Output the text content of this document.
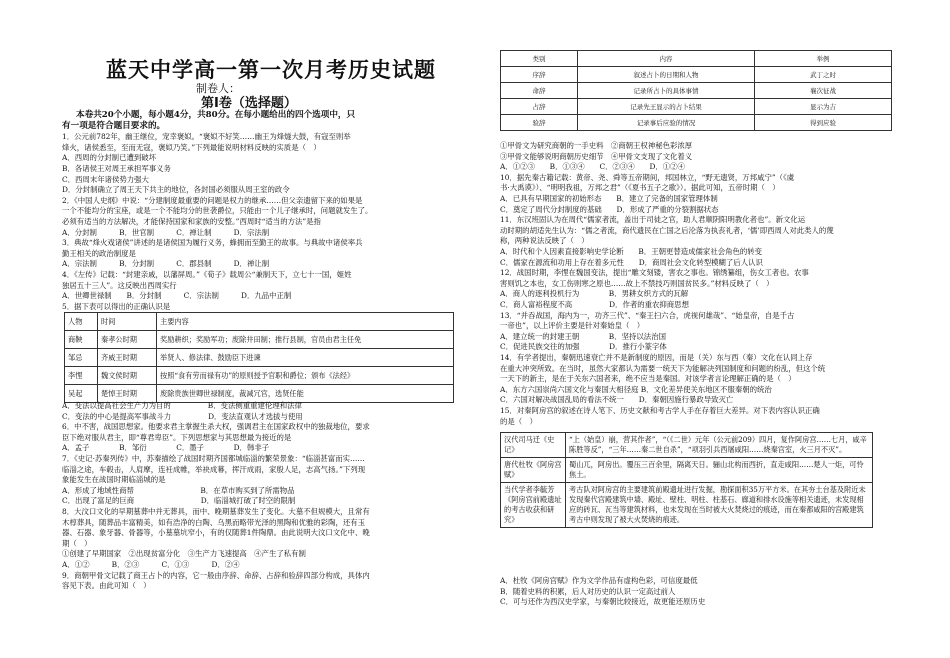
蓝天中学高一第一次月考历史试题
制卷人：
第Ⅰ卷（选择题）
本卷共20个小题，每小题4分，共80分。在每小题给出的四个选项中，只
有一项是符合题目要求的。
1．公元前782年，幽王继位，宠幸褒姒。“褒姒不好笑……幽王为烽燧大鼓，有寇至则举
烽火，诸侯悉至，至而无寇，褒姒乃笑。”下列最能说明材料反映的实质是（　）
A．西周的分封制已遭到破坏
B．各诸侯王对周王承担军事义务
C．西周末年诸侯势力强大
D．分封制确立了周王天下共主的地位，各封国必须服从周王室的政令
2．《中国人史纲》中说：“分建制度最重要的问题是权力的继承……但父亲遗留下来的如果是
一个不能均分的宝座，或是一个不能均分的世袭爵位，只能由一个儿子继承时，问题就发生了。
必须有适当的方法解决，才能保持国家和家族的安整。”西周时“适当的方法”是指
A．分封制　　　B．世官制　　　C．禅让制　　　D．宗法制
3．典故“烽火戏诸侯”讲述的是诸侯国为履行义务，蜂拥而至勤王的故事。与典故中诸侯率兵
勤王相关的政治制度是
A．宗法制　　　B．分封制　　　C．郡县制　　　D．禅让制
4．《左传》记载：“封建亲戚，以藩屏周。”《荀子》载周公“兼制天下，立七十一国，姬姓
独居五十三人”。这反映出西周实行
A．世卿世禄制　　B．分封制　　　C．宗法制　　　D．九品中正制
5．据下表可以得出的正确认识是
人物	时间	主要内容
商鞅	秦孝公时期	奖励耕织；奖励军功；废除井田制；推行县制，官员由君主任免
邹忌	齐威王时期	举贤人、修法律、鼓励臣下进谏
李悝	魏文侯时期	按照“食有劳而禄有功”的原则授予官职和爵位；颁布《法经》
吴起	楚悼王时期	废除贵族世卿世禄制度，裁减冗官，选贤任能
A．变法以提高社会生产力为目的　　　　　B．变法侧重重建伦理和法律
C．变法的中心是提高军事战斗力　　　　　D．变法直观认才选拔与使用
6．中不害，战国思想家。他要求君主掌握生杀大权，强调君主在国家政权中的独裁地位，要求
臣下绝对服从君主，即“尊君卑臣”。下列思想家与其思想最为接近的是
A．孟子　　　　B．邹衍　　　　C．墨子　　　　D．韩非子
7．《史记·苏秦列传》中，苏秦描绘了战国时期齐国都城临淄的繁荣景象：“临淄甚富而实……
临淄之途，车毂击，人肩摩，连衽成帷，举袂成幕，挥汗成雨，家殷人足，志高气扬。”下列现
象能发生在战国时期临淄城的是
A．形成了地域性商帮　　　　　　　　　B．在草市购买到了所需物品
C．出现了富足的巨商　　　　　　　　　D．临淄城打破了时空的限制
8．大汶口文化的早期墓葬中并无葬具，而中、晚期墓葬发生了变化。大墓不但规模大，且常有
木椁葬具，随葬品丰富精美，如有浩净的白陶、乌黑而略带光泽的黑陶和优雅的彩陶，还有玉
器、石器、象牙器、骨器等，小墓墓坑窄小，有的仅随葬1件陶鼎。由此说明大汶口文化中、晚
期（　）
①创建了早期国家　②出现贫富分化　③生产力飞速提高　④产生了私有制
A．①②　　　B．②③　　　C．①③　　　D．②④
9．商朝甲骨文记载了商王占卜的内容，它一般由序辞、命辞、占辞和验辞四部分构成，具体内
容见下表。由此可知（　）
类别	内容	举例
序辞	叙述占卜的日期和人物	武丁之时
命辞	记录所占卜的具体事情	襄次征战
占辞	记录先王显示的占卜结果	显示为吉
验辞	记录事后应验的情况	得到应验
①甲骨文为研究商朝的一手史料　②商朝王权神秘色彩浓厚
③甲骨文能够说明商朝历史细节　④甲骨文支现了文化着义
A．①②③　　B．①③④　　C．②③④　　D．①②④
10．据先秦古籍记载：黄帝、尧、舜等五帝期间，邦国林立，“野无遗贤，万邦咸宁”（《虞
书·大禹谟》）、“明明我祖，万邦之君”（《夏书五子之歌》）。据此可知，五帝时期（　）
A．已具有早期国家的初始形态　　B．建立了完备的国家管理体制
C．奠定了周代分封制度的基础　　D．形成了严重的分裂割据状态
11．东汉班固认为在周代“儒家者流，盖出于司徒之官，助人君顺阴阳明教化者也”。新文化运
动时期的胡适先生认为：“儒之者流，商代遗民在亡国之后沦落为执丧礼者，‘儒’即西周人对此类人的蔑
称，两种说法反映了（　）
A．时代和个人因素直接影响史学论断　　B．王朝更替造成儒家社会角色的转变
C．儒家在源流和功用上存在着多元性　　D．商周社会文化转型模糊了后人认识
12．战国时期，李悝在魏国变法，提出“雕文刻镂，害农之事也。锦绣纂组，伤女工者也。农事
害则饥之本也，女工伤则寒之原也……故上不禁技巧则国贫民多。”材料反映了（　）
A．商人的逐利投机行为　　　　B．男耕女织方式的瓦解
C．商人富裕程度不高　　　　　D．作者的重农抑商思想
13．“并吞战国，海内为一，功齐三代”、“秦王扫六合，虎视何雄哉”、“始皇帝，自是千古
一帝也”，以上评价主要是针对秦始皇（　）
A．建立统一的封建王朝　　　　B．坚持以法治国
C．促进民族交往的加强　　　　D．推行小篆字体
14．有学者提出，秦朝迅速衰亡并不是新制度的原因，而是（关）东与西（秦）文化在认同上存
在重大冲突所致。在当时，虽然大家都认为需要一统天下为能解决列国制度和问题的纷乱，但这个统
一天下的新主，是在于关东六国者来，绝不应当是秦国。对该学者言论理解正确的是（　）
A．东方六国崇尚六国文化与秦国大相径庭 B．文化差异使关东地区不服秦朝的统治
C．六国对解决战国乱局的看法不统一　　D．秦朝因施行暴政导致灭亡
15．对秦阿房宫的叙述在诗人笔下、历史文献和考古学人手在存着巨大差异。对下表内容认识正确
的是（　）
汉代司马迁《史记》	“上（始皇）崩，营其作者”，“（《二世）元年（公元前209）四月，复作阿房宫……七月，咸辛陈胜等反”，“三年……秦二世自杀”，“项羽引兵西屠咸阳……烧秦宫室，火三月不灭”。
唐代杜牧《阿房宫赋》	蜀山兀，阿房出。覆压三百余里，隔离天日。骊山北构而西折，直走咸阳……楚人一炬，可怜焦土。
当代学者李毓芳《阿房宫前殿遗址的考古收获和研究》	考古队对阿房宫的主要建筑前殿遗址进行发掘，勘探面积35万平方米。在其夯土台基及附近未发现秦代宫殿建筑中墙、殿址、壁柱、明柱、柱基石、廊道和排水设施等相关遗迹，未发现相应的砖瓦、瓦当等建筑材料，也未发现在当时被大火焚烧过的痕迹，而在秦都咸阳的宫殿建筑考古中则发现了被大火焚烧的痕迹。
A．杜牧《阿房宫赋》作为文学作品有虚构色彩，可信度最低
B．随着史料的积累，后人对历史的认识一定高过前人
C．可与还作为西汉史学家，与秦朝比较接近，故更能还原历史
